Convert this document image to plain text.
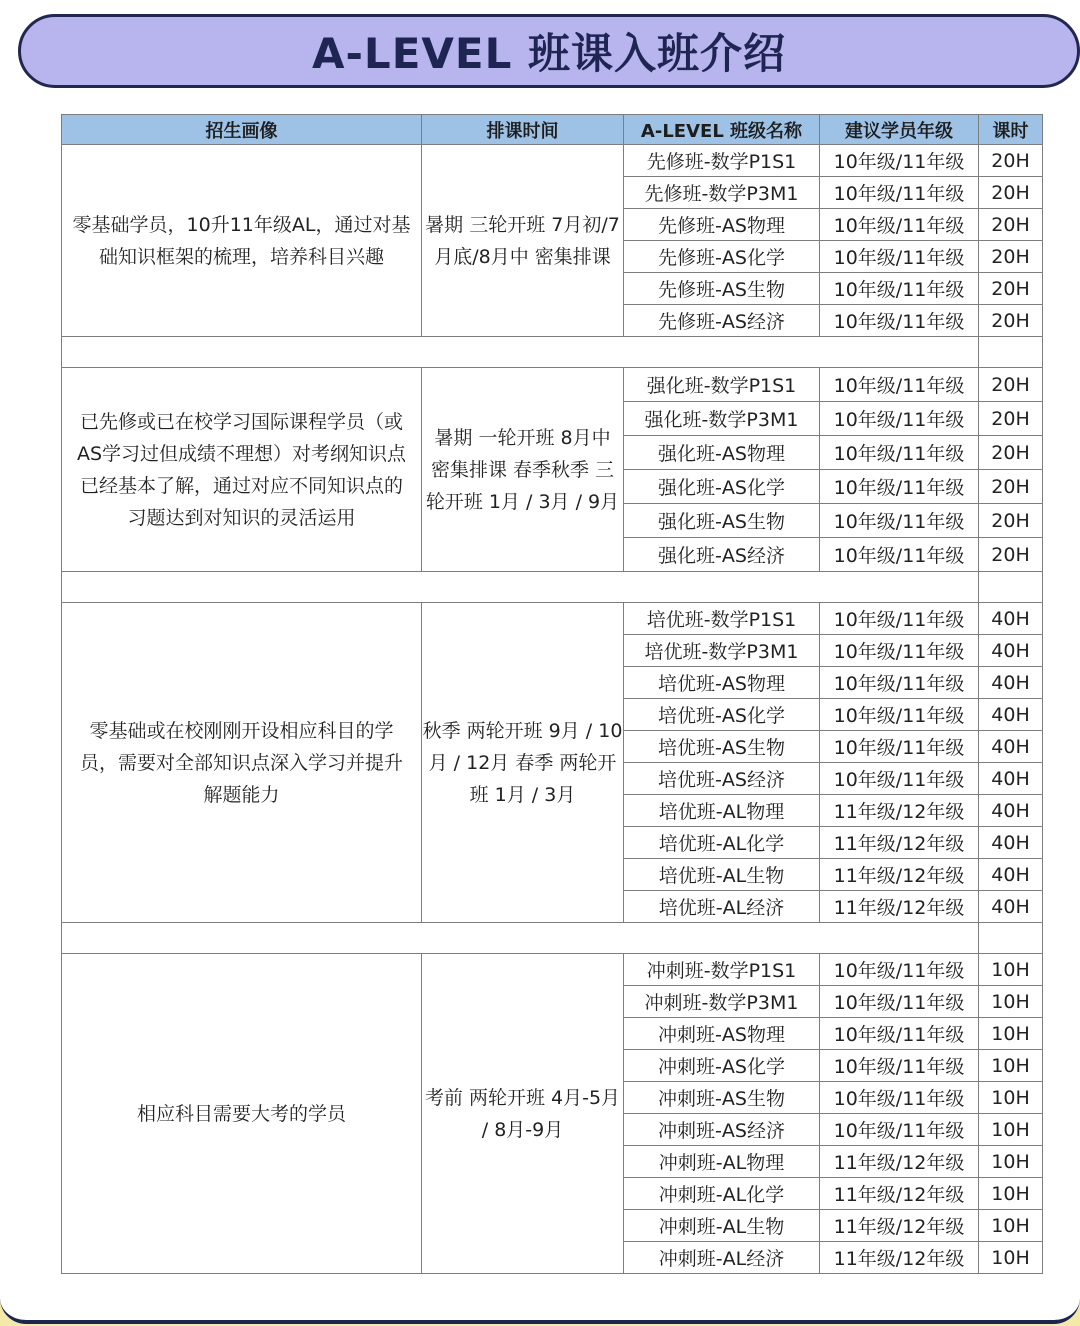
A-LEVEL 班课入班介绍
招生画像	排课时间	A-LEVEL 班级名称	建议学员年级	课时
零基础学员，10升11年级AL，通过对基础知识框架的梳理，培养科目兴趣	暑期 三轮开班 7月初/7月底/8月中 密集排课	先修班-数学P1S1	10年级/11年级	20H
		先修班-数学P3M1	10年级/11年级	20H
		先修班-AS物理	10年级/11年级	20H
		先修班-AS化学	10年级/11年级	20H
		先修班-AS生物	10年级/11年级	20H
		先修班-AS经济	10年级/11年级	20H

已先修或已在校学习国际课程学员（或AS学习过但成绩不理想）对考纲知识点已经基本了解，通过对应不同知识点的习题达到对知识的灵活运用	暑期 一轮开班 8月中 密集排课 春季秋季 三轮开班 1月 / 3月 / 9月	强化班-数学P1S1	10年级/11年级	20H
		强化班-数学P3M1	10年级/11年级	20H
		强化班-AS物理	10年级/11年级	20H
		强化班-AS化学	10年级/11年级	20H
		强化班-AS生物	10年级/11年级	20H
		强化班-AS经济	10年级/11年级	20H

零基础或在校刚刚开设相应科目的学员，需要对全部知识点深入学习并提升解题能力	秋季 两轮开班 9月 / 10月 / 12月 春季 两轮开班 1月 / 3月	培优班-数学P1S1	10年级/11年级	40H
		培优班-数学P3M1	10年级/11年级	40H
		培优班-AS物理	10年级/11年级	40H
		培优班-AS化学	10年级/11年级	40H
		培优班-AS生物	10年级/11年级	40H
		培优班-AS经济	10年级/11年级	40H
		培优班-AL物理	11年级/12年级	40H
		培优班-AL化学	11年级/12年级	40H
		培优班-AL生物	11年级/12年级	40H
		培优班-AL经济	11年级/12年级	40H

相应科目需要大考的学员	考前 两轮开班 4月-5月 / 8月-9月	冲刺班-数学P1S1	10年级/11年级	10H
		冲刺班-数学P3M1	10年级/11年级	10H
		冲刺班-AS物理	10年级/11年级	10H
		冲刺班-AS化学	10年级/11年级	10H
		冲刺班-AS生物	10年级/11年级	10H
		冲刺班-AS经济	10年级/11年级	10H
		冲刺班-AL物理	11年级/12年级	10H
		冲刺班-AL化学	11年级/12年级	10H
		冲刺班-AL生物	11年级/12年级	10H
		冲刺班-AL经济	11年级/12年级	10H
